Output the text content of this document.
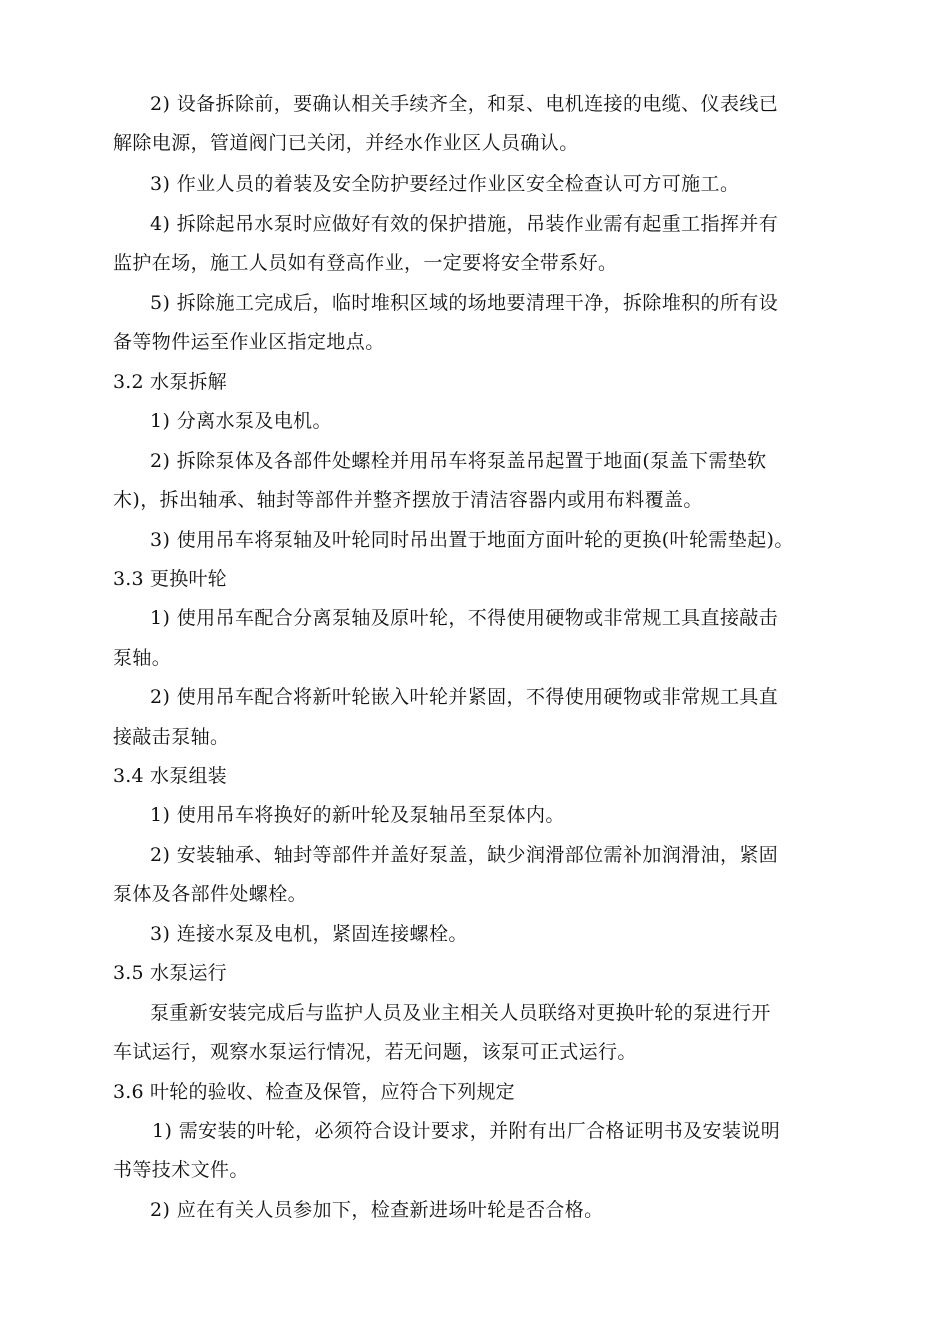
2) 设备拆除前，要确认相关手续齐全，和泵、电机连接的电缆、仪表线已
解除电源，管道阀门已关闭，并经水作业区人员确认。
3) 作业人员的着装及安全防护要经过作业区安全检查认可方可施工。
4) 拆除起吊水泵时应做好有效的保护措施，吊装作业需有起重工指挥并有
监护在场，施工人员如有登高作业，一定要将安全带系好。
5) 拆除施工完成后，临时堆积区域的场地要清理干净，拆除堆积的所有设
备等物件运至作业区指定地点。
3.2 水泵拆解
1) 分离水泵及电机。
2) 拆除泵体及各部件处螺栓并用吊车将泵盖吊起置于地面(泵盖下需垫软
木)，拆出轴承、轴封等部件并整齐摆放于清洁容器内或用布料覆盖。
3) 使用吊车将泵轴及叶轮同时吊出置于地面方面叶轮的更换(叶轮需垫起)。
3.3 更换叶轮
1) 使用吊车配合分离泵轴及原叶轮，不得使用硬物或非常规工具直接敲击
泵轴。
2) 使用吊车配合将新叶轮嵌入叶轮并紧固，不得使用硬物或非常规工具直
接敲击泵轴。
3.4 水泵组装
1) 使用吊车将换好的新叶轮及泵轴吊至泵体内。
2) 安装轴承、轴封等部件并盖好泵盖，缺少润滑部位需补加润滑油，紧固
泵体及各部件处螺栓。
3) 连接水泵及电机，紧固连接螺栓。
3.5 水泵运行
泵重新安装完成后与监护人员及业主相关人员联络对更换叶轮的泵进行开
车试运行，观察水泵运行情况，若无问题，该泵可正式运行。
3.6 叶轮的验收、检查及保管，应符合下列规定
1) 需安装的叶轮，必须符合设计要求，并附有出厂合格证明书及安装说明
书等技术文件。
2) 应在有关人员参加下，检查新进场叶轮是否合格。
